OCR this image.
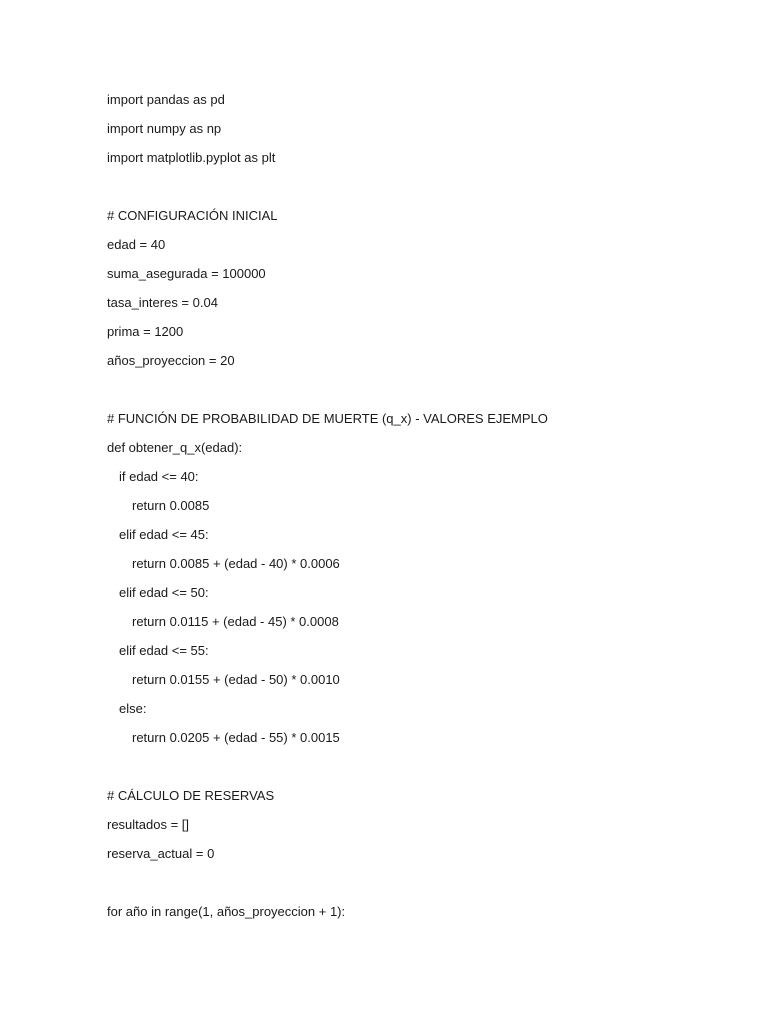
import pandas as pd
import numpy as np
import matplotlib.pyplot as plt
# CONFIGURACIÓN INICIAL
edad = 40
suma_asegurada = 100000
tasa_interes = 0.04
prima = 1200
años_proyeccion = 20
# FUNCIÓN DE PROBABILIDAD DE MUERTE (q_x) - VALORES EJEMPLO
def obtener_q_x(edad):
if edad <= 40:
return 0.0085
elif edad <= 45:
return 0.0085 + (edad - 40) * 0.0006
elif edad <= 50:
return 0.0115 + (edad - 45) * 0.0008
elif edad <= 55:
return 0.0155 + (edad - 50) * 0.0010
else:
return 0.0205 + (edad - 55) * 0.0015
# CÁLCULO DE RESERVAS
resultados = []
reserva_actual = 0
for año in range(1, años_proyeccion + 1):
